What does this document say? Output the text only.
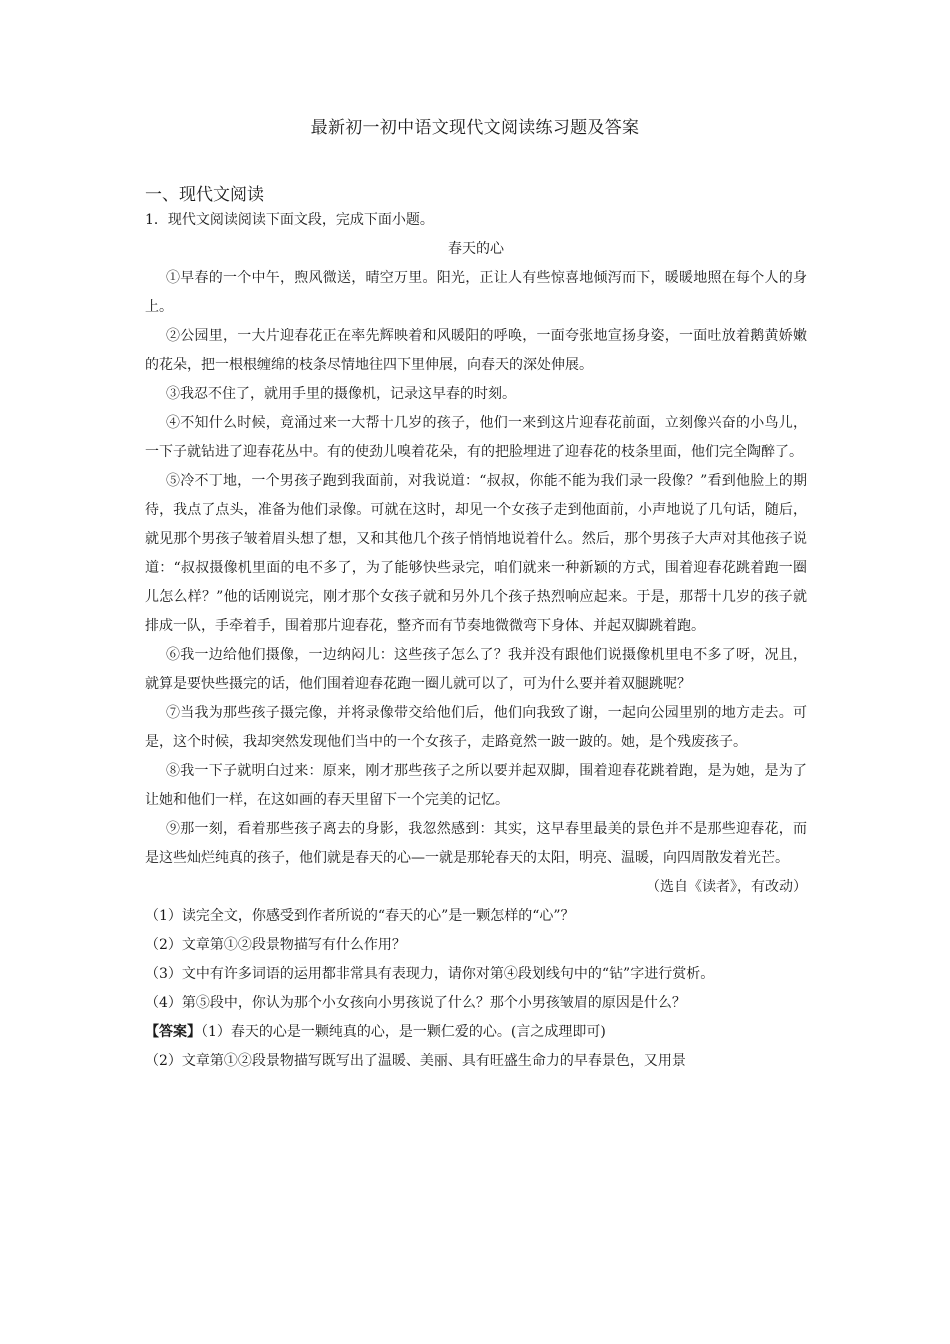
最新初一初中语文现代文阅读练习题及答案
一、现代文阅读

1．现代文阅读阅读下面文段，完成下面小题。

春天的心

①早春的一个中午，煦风微送，晴空万里。阳光，正让人有些惊喜地倾泻而下，暖暖地照在每个人的身上。

②公园里，一大片迎春花正在率先辉映着和风暖阳的呼唤，一面夸张地宣扬身姿，一面吐放着鹅黄娇嫩的花朵，把一根根缠绵的枝条尽情地往四下里伸展，向春天的深处伸展。

③我忍不住了，就用手里的摄像机，记录这早春的时刻。

④不知什么时候，竟涌过来一大帮十几岁的孩子，他们一来到这片迎春花前面，立刻像兴奋的小鸟儿，一下子就钻进了迎春花丛中。有的使劲儿嗅着花朵，有的把脸埋进了迎春花的枝条里面，他们完全陶醉了。

⑤冷不丁地，一个男孩子跑到我面前，对我说道：“叔叔，你能不能为我们录一段像？”看到他脸上的期待，我点了点头，准备为他们录像。可就在这时，却见一个女孩子走到他面前，小声地说了几句话，随后，就见那个男孩子皱着眉头想了想，又和其他几个孩子悄悄地说着什么。然后，那个男孩子大声对其他孩子说道：“叔叔摄像机里面的电不多了，为了能够快些录完，咱们就来一种新颖的方式，围着迎春花跳着跑一圈儿怎么样？”他的话刚说完，刚才那个女孩子就和另外几个孩子热烈响应起来。于是，那帮十几岁的孩子就排成一队，手牵着手，围着那片迎春花，整齐而有节奏地微微弯下身体、并起双脚跳着跑。

⑥我一边给他们摄像，一边纳闷儿：这些孩子怎么了？我并没有跟他们说摄像机里电不多了呀，况且，就算是要快些摄完的话，他们围着迎春花跑一圈儿就可以了，可为什么要并着双腿跳呢？

⑦当我为那些孩子摄完像，并将录像带交给他们后，他们向我致了谢，一起向公园里别的地方走去。可是，这个时候，我却突然发现他们当中的一个女孩子，走路竟然一跛一跛的。她，是个残废孩子。

⑧我一下子就明白过来：原来，刚才那些孩子之所以要并起双脚，围着迎春花跳着跑，是为她，是为了让她和他们一样，在这如画的春天里留下一个完美的记忆。

⑨那一刻，看着那些孩子离去的身影，我忽然感到：其实，这早春里最美的景色并不是那些迎春花，而是这些灿烂纯真的孩子，他们就是春天的心—一就是那轮春天的太阳，明亮、温暖，向四周散发着光芒。

（选自《读者》，有改动）

（1）读完全文，你感受到作者所说的“春天的心”是一颗怎样的“心”？

（2）文章第①②段景物描写有什么作用？

（3）文中有许多词语的运用都非常具有表现力，请你对第④段划线句中的“钻”字进行赏析。

（4）第⑤段中，你认为那个小女孩向小男孩说了什么？那个小男孩皱眉的原因是什么？

【答案】（1）春天的心是一颗纯真的心，是一颗仁爱的心。(言之成理即可)

（2）文章第①②段景物描写既写出了温暖、美丽、具有旺盛生命力的早春景色，又用景
